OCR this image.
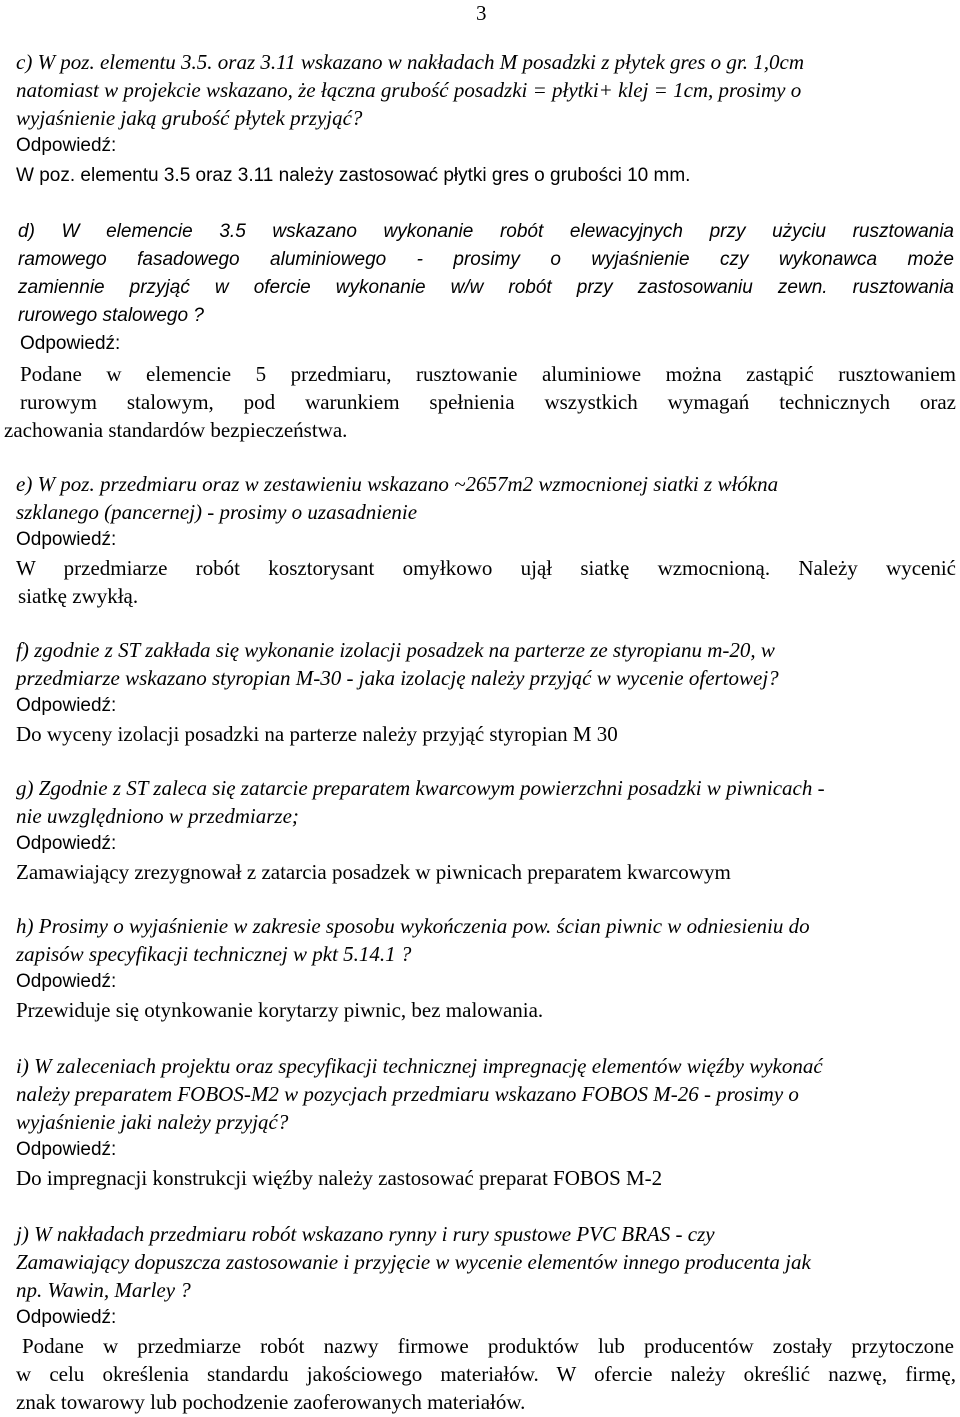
3
c) W poz. elementu 3.5. oraz 3.11 wskazano w nakładach M posadzki z płytek gres o gr. 1,0cm
natomiast w projekcie wskazano, że łączna grubość posadzki = płytki+ klej = 1cm, prosimy o
wyjaśnienie jaką grubość płytek przyjąć?
Odpowiedź:
W poz. elementu 3.5 oraz 3.11 należy zastosować płytki gres o grubości 10 mm.
d) W elemencie 3.5 wskazano wykonanie robót elewacyjnych przy użyciu rusztowania
ramowego fasadowego aluminiowego - prosimy o wyjaśnienie czy wykonawca może
zamiennie przyjąć w ofercie wykonanie w/w robót przy zastosowaniu zewn. rusztowania
rurowego stalowego ?
Odpowiedź:
Podane w elemencie 5 przedmiaru, rusztowanie aluminiowe można zastąpić rusztowaniem
rurowym stalowym, pod warunkiem spełnienia wszystkich wymagań technicznych oraz
zachowania standardów bezpieczeństwa.
e) W poz. przedmiaru oraz w zestawieniu wskazano ~2657m2 wzmocnionej siatki z włókna
szklanego (pancernej) - prosimy o uzasadnienie
Odpowiedź:
W przedmiarze robót kosztorysant omyłkowo ujął siatkę wzmocnioną. Należy wycenić
siatkę zwykłą.
f) zgodnie z ST zakłada się wykonanie izolacji posadzek na parterze ze styropianu m-20, w
przedmiarze wskazano styropian M-30 - jaka izolację należy przyjąć w wycenie ofertowej?
Odpowiedź:
Do wyceny izolacji posadzki na parterze należy przyjąć styropian M 30
g) Zgodnie z ST zaleca się zatarcie preparatem kwarcowym powierzchni posadzki w piwnicach -
nie uwzględniono w przedmiarze;
Odpowiedź:
Zamawiający zrezygnował z zatarcia posadzek w piwnicach preparatem kwarcowym
h) Prosimy o wyjaśnienie w zakresie sposobu wykończenia pow. ścian piwnic w odniesieniu do
zapisów specyfikacji technicznej w pkt 5.14.1 ?
Odpowiedź:
Przewiduje się otynkowanie korytarzy piwnic, bez malowania.
i) W zaleceniach projektu oraz specyfikacji technicznej impregnację elementów więźby wykonać
należy preparatem FOBOS-M2 w pozycjach przedmiaru wskazano FOBOS M-26 - prosimy o
wyjaśnienie jaki należy przyjąć?
Odpowiedź:
Do impregnacji konstrukcji więźby należy zastosować preparat FOBOS M-2
j) W nakładach przedmiaru robót wskazano rynny i rury spustowe PVC BRAS - czy
Zamawiający dopuszcza zastosowanie i przyjęcie w wycenie elementów innego producenta jak
np. Wawin, Marley ?
Odpowiedź:
Podane w przedmiarze robót nazwy firmowe produktów lub producentów zostały przytoczone
w celu określenia standardu jakościowego materiałów. W ofercie należy określić nazwę, firmę,
znak towarowy lub pochodzenie zaoferowanych materiałów.
